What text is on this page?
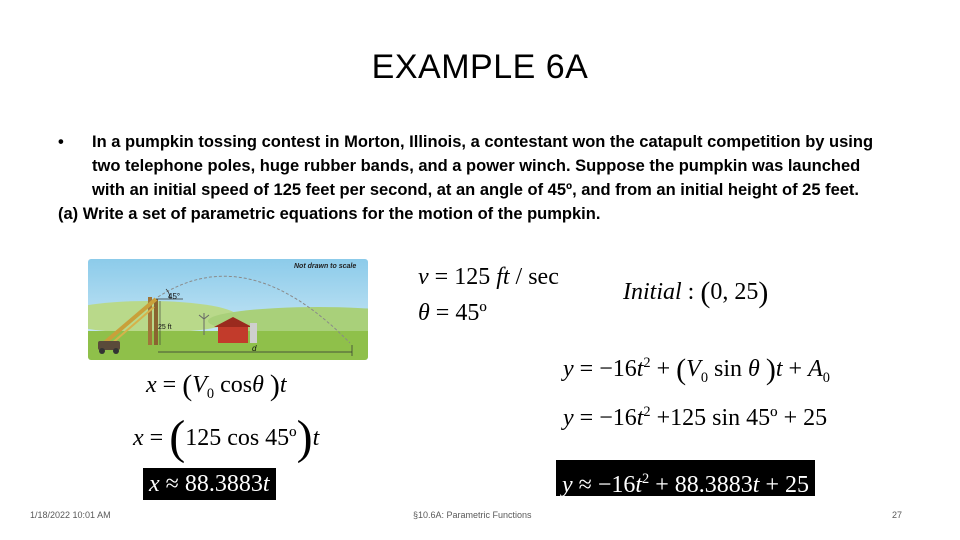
EXAMPLE 6A
• In a pumpkin tossing contest in Morton, Illinois, a contestant won the catapult competition by using two telephone poles, huge rubber bands, and a power winch. Suppose the pumpkin was launched with an initial speed of 125 feet per second, at an angle of 45º, and from an initial height of 25 feet.
(a) Write a set of parametric equations for the motion of the pumpkin.
45°
25 ft
d
Not drawn to scale	v = 125 ft / sec
θ = 45º
Initial : (0, 25)
$x = (V_0$ cosθ )t
x = (125 cos 45º)t
x ≈ 88.3883t
$y = -16t^2 + (V_0$ sin θ )$t + A_0$
$y = -16t^2 +125$ sin 45º + 25
$y \approx -16t^2 + 88.3883t + 25$
1/18/2022 10:01 AM	§10.6A: Parametric Functions	27
